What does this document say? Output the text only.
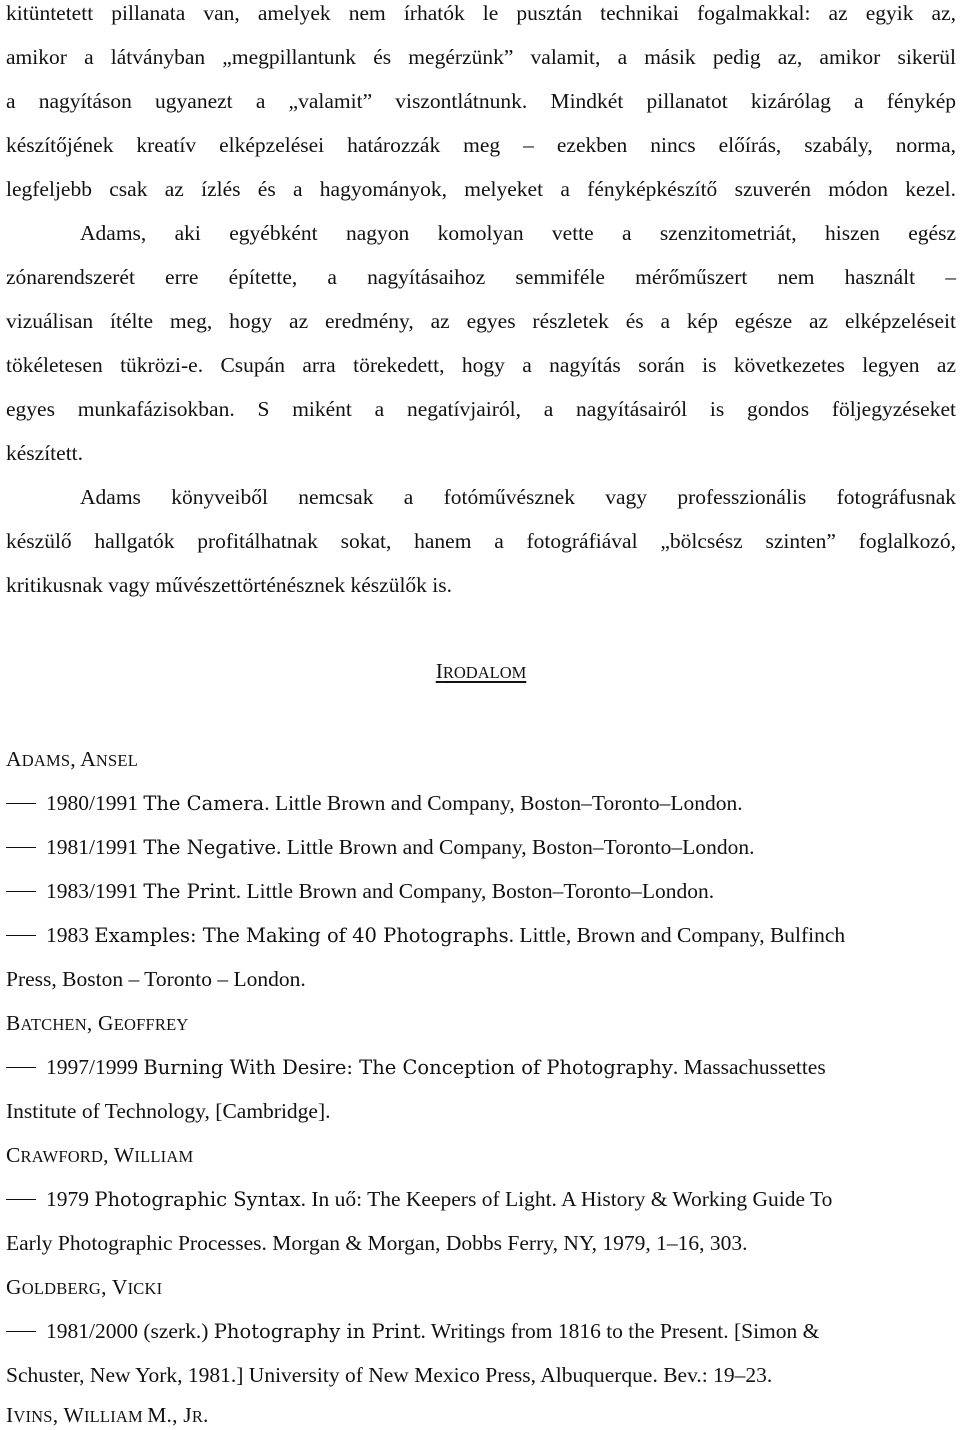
kitüntetett pillanata van, amelyek nem írhatók le pusztán technikai fogalmakkal: az egyik az,
amikor a látványban „megpillantunk és megérzünk” valamit, a másik pedig az, amikor sikerül
a nagyításon ugyanezt a „valamit” viszontlátnunk. Mindkét pillanatot kizárólag a fénykép
készítőjének kreatív elképzelései határozzák meg – ezekben nincs előírás, szabály, norma,
legfeljebb csak az ízlés és a hagyományok, melyeket a fényképkészítő szuverén módon kezel.
Adams, aki egyébként nagyon komolyan vette a szenzitometriát, hiszen egész
zónarendszerét erre építette, a nagyításaihoz semmiféle mérőműszert nem használt –
vizuálisan ítélte meg, hogy az eredmény, az egyes részletek és a kép egésze az elképzeléseit
tökéletesen tükrözi-e. Csupán arra törekedett, hogy a nagyítás során is következetes legyen az
egyes munkafázisokban. S miként a negatívjairól, a nagyításairól is gondos följegyzéseket
készített.
Adams könyveiből nemcsak a fotóművésznek vagy professzionális fotográfusnak
készülő hallgatók profitálhatnak sokat, hanem a fotográfiával „bölcsész szinten” foglalkozó,
kritikusnak vagy művészettörténésznek készülők is.
IRODALOM
ADAMS, ANSEL
1980/1991 The Camera. Little Brown and Company, Boston–Toronto–London.
1981/1991 The Negative. Little Brown and Company, Boston–Toronto–London.
1983/1991 The Print. Little Brown and Company, Boston–Toronto–London.
1983 Examples: The Making of 40 Photographs. Little, Brown and Company, Bulfinch
Press, Boston – Toronto – London.
BATCHEN, GEOFFREY
1997/1999 Burning With Desire: The Conception of Photography. Massachussettes
Institute of Technology, [Cambridge].
CRAWFORD, WILLIAM
1979 Photographic Syntax. In uő: The Keepers of Light. A History & Working Guide To
Early Photographic Processes. Morgan & Morgan, Dobbs Ferry, NY, 1979, 1–16, 303.
GOLDBERG, VICKI
1981/2000 (szerk.) Photography in Print. Writings from 1816 to the Present. [Simon &
Schuster, New York, 1981.] University of New Mexico Press, Albuquerque. Bev.: 19–23.
IVINS, WILLIAM M., JR.
